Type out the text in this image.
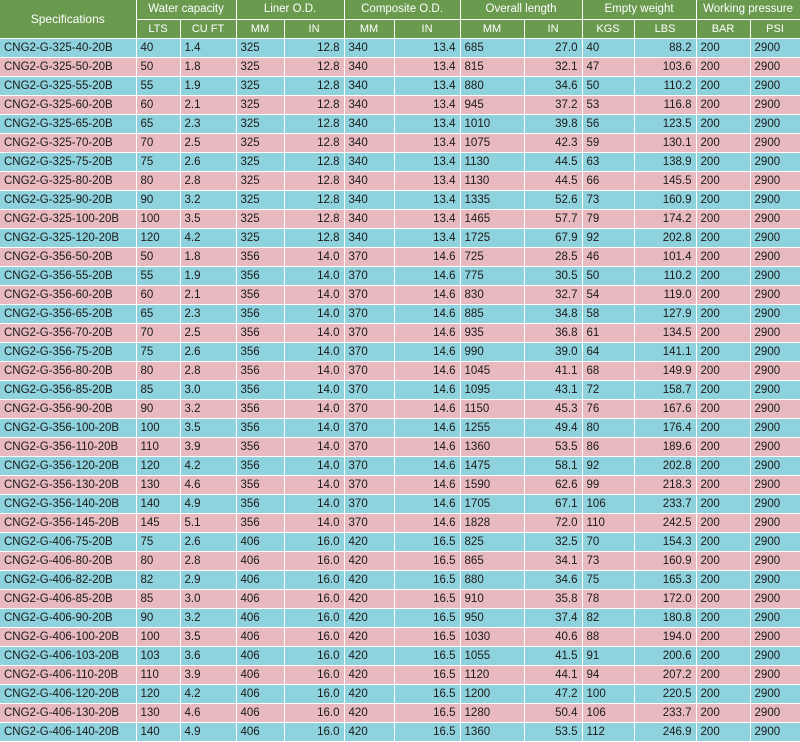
Specifications	Water capacity		Liner O.D.		Composite O.D.		Overall length		Empty weight		Working pressure	
	LTS	CU FT	MM	IN	MM	IN	MM	IN	KGS	LBS	BAR	PSI
CNG2-G-325-40-20B	40	1.4	325	12.8	340	13.4	685	27.0	40	88.2	200	2900
CNG2-G-325-50-20B	50	1.8	325	12.8	340	13.4	815	32.1	47	103.6	200	2900
CNG2-G-325-55-20B	55	1.9	325	12.8	340	13.4	880	34.6	50	110.2	200	2900
CNG2-G-325-60-20B	60	2.1	325	12.8	340	13.4	945	37.2	53	116.8	200	2900
CNG2-G-325-65-20B	65	2.3	325	12.8	340	13.4	1010	39.8	56	123.5	200	2900
CNG2-G-325-70-20B	70	2.5	325	12.8	340	13.4	1075	42.3	59	130.1	200	2900
CNG2-G-325-75-20B	75	2.6	325	12.8	340	13.4	1130	44.5	63	138.9	200	2900
CNG2-G-325-80-20B	80	2.8	325	12.8	340	13.4	1130	44.5	66	145.5	200	2900
CNG2-G-325-90-20B	90	3.2	325	12.8	340	13.4	1335	52.6	73	160.9	200	2900
CNG2-G-325-100-20B	100	3.5	325	12.8	340	13.4	1465	57.7	79	174.2	200	2900
CNG2-G-325-120-20B	120	4.2	325	12.8	340	13.4	1725	67.9	92	202.8	200	2900
CNG2-G-356-50-20B	50	1.8	356	14.0	370	14.6	725	28.5	46	101.4	200	2900
CNG2-G-356-55-20B	55	1.9	356	14.0	370	14.6	775	30.5	50	110.2	200	2900
CNG2-G-356-60-20B	60	2.1	356	14.0	370	14.6	830	32.7	54	119.0	200	2900
CNG2-G-356-65-20B	65	2.3	356	14.0	370	14.6	885	34.8	58	127.9	200	2900
CNG2-G-356-70-20B	70	2.5	356	14.0	370	14.6	935	36.8	61	134.5	200	2900
CNG2-G-356-75-20B	75	2.6	356	14.0	370	14.6	990	39.0	64	141.1	200	2900
CNG2-G-356-80-20B	80	2.8	356	14.0	370	14.6	1045	41.1	68	149.9	200	2900
CNG2-G-356-85-20B	85	3.0	356	14.0	370	14.6	1095	43.1	72	158.7	200	2900
CNG2-G-356-90-20B	90	3.2	356	14.0	370	14.6	1150	45.3	76	167.6	200	2900
CNG2-G-356-100-20B	100	3.5	356	14.0	370	14.6	1255	49.4	80	176.4	200	2900
CNG2-G-356-110-20B	110	3.9	356	14.0	370	14.6	1360	53.5	86	189.6	200	2900
CNG2-G-356-120-20B	120	4.2	356	14.0	370	14.6	1475	58.1	92	202.8	200	2900
CNG2-G-356-130-20B	130	4.6	356	14.0	370	14.6	1590	62.6	99	218.3	200	2900
CNG2-G-356-140-20B	140	4.9	356	14.0	370	14.6	1705	67.1	106	233.7	200	2900
CNG2-G-356-145-20B	145	5.1	356	14.0	370	14.6	1828	72.0	110	242.5	200	2900
CNG2-G-406-75-20B	75	2.6	406	16.0	420	16.5	825	32.5	70	154.3	200	2900
CNG2-G-406-80-20B	80	2.8	406	16.0	420	16.5	865	34.1	73	160.9	200	2900
CNG2-G-406-82-20B	82	2.9	406	16.0	420	16.5	880	34.6	75	165.3	200	2900
CNG2-G-406-85-20B	85	3.0	406	16.0	420	16.5	910	35.8	78	172.0	200	2900
CNG2-G-406-90-20B	90	3.2	406	16.0	420	16.5	950	37.4	82	180.8	200	2900
CNG2-G-406-100-20B	100	3.5	406	16.0	420	16.5	1030	40.6	88	194.0	200	2900
CNG2-G-406-103-20B	103	3.6	406	16.0	420	16.5	1055	41.5	91	200.6	200	2900
CNG2-G-406-110-20B	110	3.9	406	16.0	420	16.5	1120	44.1	94	207.2	200	2900
CNG2-G-406-120-20B	120	4.2	406	16.0	420	16.5	1200	47.2	100	220.5	200	2900
CNG2-G-406-130-20B	130	4.6	406	16.0	420	16.5	1280	50.4	106	233.7	200	2900
CNG2-G-406-140-20B	140	4.9	406	16.0	420	16.5	1360	53.5	112	246.9	200	2900
